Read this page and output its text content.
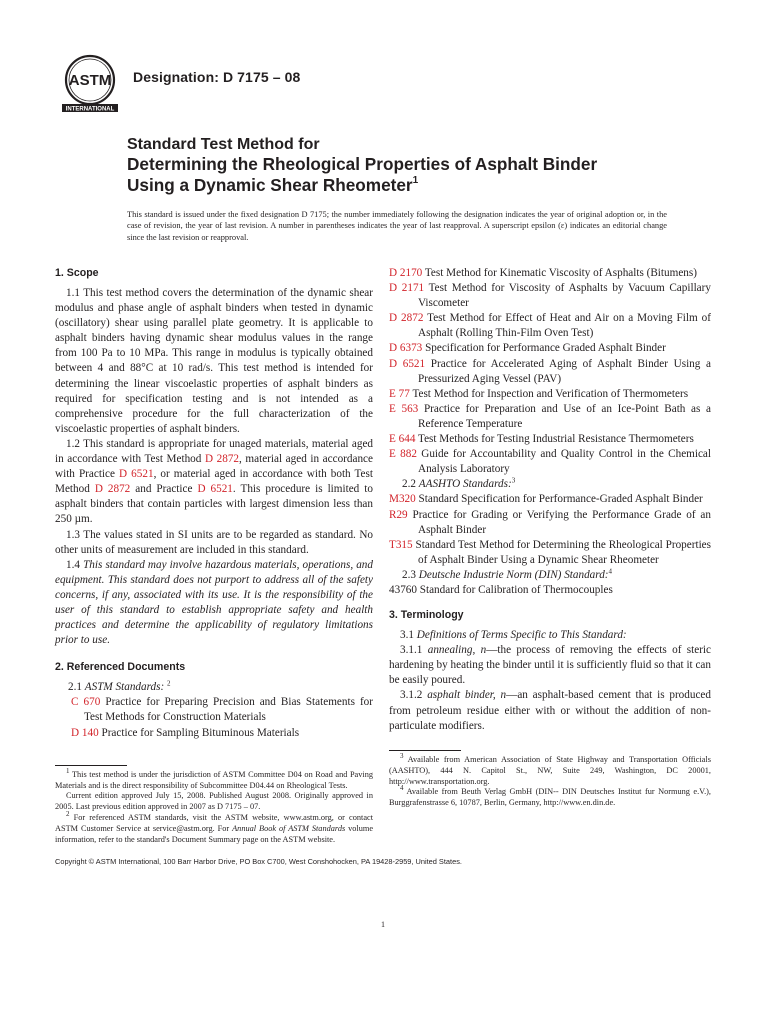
ASTM
INTERNATIONAL
Designation: D 7175 – 08
Standard Test Method for
Determining the Rheological Properties of Asphalt Binder
Using a Dynamic Shear Rheometer$^1$
This standard is issued under the fixed designation D 7175; the number immediately following the designation indicates the year of original adoption or, in the case of revision, the year of last revision. A number in parentheses indicates the year of last reapproval. A superscript epsilon (ε) indicates an editorial change since the last revision or reapproval.
1. Scope

1.1 This test method covers the determination of the dynamic shear modulus and phase angle of asphalt binders when tested in dynamic (oscillatory) shear using parallel plate geometry. It is applicable to asphalt binders having dynamic shear modulus values in the range from 100 Pa to 10 MPa. This range in modulus is typically obtained between 4 and 88°C at 10 rad/s. This test method is intended for determining the linear viscoelastic properties of asphalt binders as required for specification testing and is not intended as a comprehensive procedure for the full characterization of the viscoelastic properties of asphalt binders.

1.2 This standard is appropriate for unaged materials, material aged in accordance with Test Method D 2872, material aged in accordance with Practice D 6521, or material aged in accordance with both Test Method D 2872 and Practice D 6521. This procedure is limited to asphalt binders that contain particles with largest dimension less than 250 µm.

1.3 The values stated in SI units are to be regarded as standard. No other units of measurement are included in this standard.

1.4 This standard may involve hazardous materials, operations, and equipment. This standard does not purport to address all of the safety concerns, if any, associated with its use. It is the responsibility of the user of this standard to establish appropriate safety and health practices and determine the applicability of regulatory limitations prior to use.

2. Referenced Documents

2.1 ASTM Standards: $^2$

C 670 Practice for Preparing Precision and Bias Statements for Test Methods for Construction Materials

D 140 Practice for Sampling Bituminous Materials

$^1$ This test method is under the jurisdiction of ASTM Committee D04 on Road and Paving Materials and is the direct responsibility of Subcommittee D04.44 on Rheological Tests.

Current edition approved July 15, 2008. Published August 2008. Originally approved in 2005. Last previous edition approved in 2007 as D 7175 – 07.

$^2$ For referenced ASTM standards, visit the ASTM website, www.astm.org, or contact ASTM Customer Service at service@astm.org. For Annual Book of ASTM Standards volume information, refer to the standard's Document Summary page on the ASTM website.

D 2170 Test Method for Kinematic Viscosity of Asphalts (Bitumens)

D 2171 Test Method for Viscosity of Asphalts by Vacuum Capillary Viscometer

D 2872 Test Method for Effect of Heat and Air on a Moving Film of Asphalt (Rolling Thin-Film Oven Test)

D 6373 Specification for Performance Graded Asphalt Binder

D 6521 Practice for Accelerated Aging of Asphalt Binder Using a Pressurized Aging Vessel (PAV)

E 77 Test Method for Inspection and Verification of Thermometers

E 563 Practice for Preparation and Use of an Ice-Point Bath as a Reference Temperature

E 644 Test Methods for Testing Industrial Resistance Thermometers

E 882 Guide for Accountability and Quality Control in the Chemical Analysis Laboratory

2.2 AASHTO Standards:$^3$

M320 Standard Specification for Performance-Graded Asphalt Binder

R29 Practice for Grading or Verifying the Performance Grade of an Asphalt Binder

T315 Standard Test Method for Determining the Rheological Properties of Asphalt Binder Using a Dynamic Shear Rheometer

2.3 Deutsche Industrie Norm (DIN) Standard:$^4$

43760 Standard for Calibration of Thermocouples

3. Terminology

3.1 Definitions of Terms Specific to This Standard:

3.1.1 annealing, n—the process of removing the effects of steric hardening by heating the binder until it is sufficiently fluid so that it can be easily poured.

3.1.2 asphalt binder, n—an asphalt-based cement that is produced from petroleum residue either with or without the addition of non-particulate modifiers.

$^3$ Available from American Association of State Highway and Transportation Officials (AASHTO), 444 N. Capitol St., NW, Suite 249, Washington, DC 20001, http://www.transportation.org.

$^4$ Available from Beuth Verlag GmbH (DIN-- DIN Deutsches Institut fur Normung e.V.), Burggrafenstrasse 6, 10787, Berlin, Germany, http://www.en.din.de.

Copyright © ASTM International, 100 Barr Harbor Drive, PO Box C700, West Conshohocken, PA 19428-2959, United States.
1
